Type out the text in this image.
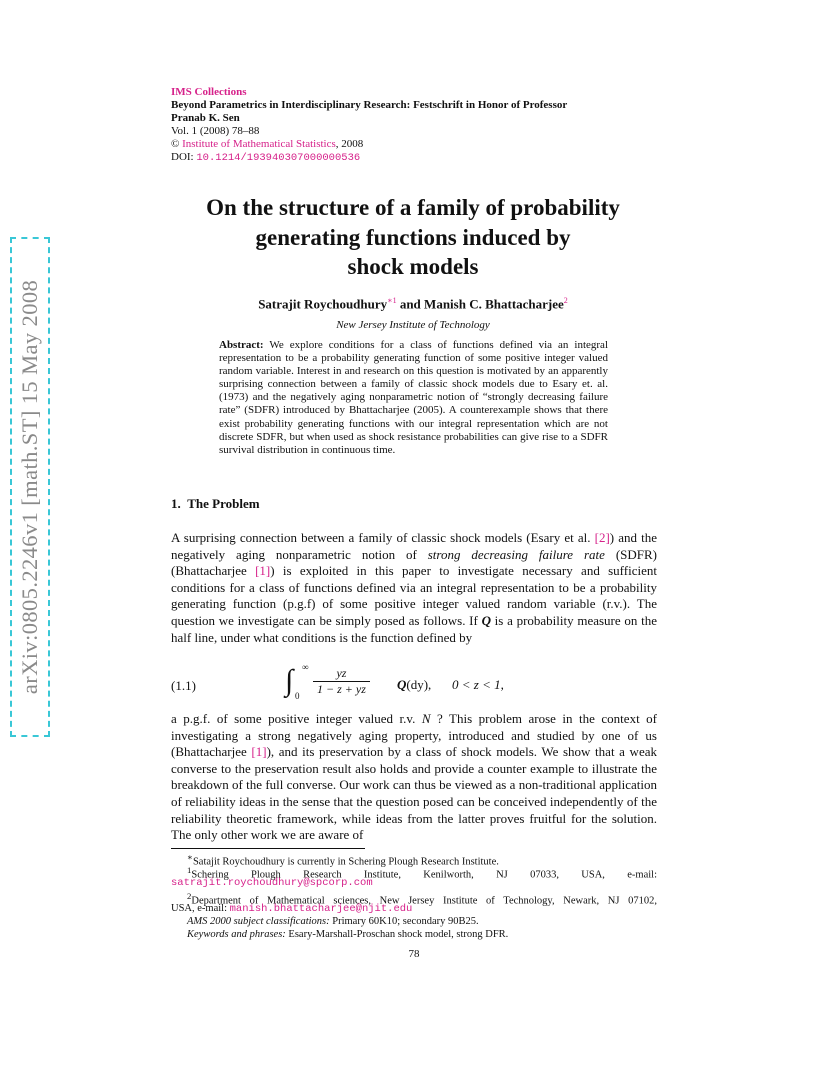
arXiv:0805.2246v1 [math.ST] 15 May 2008
IMS Collections
Beyond Parametrics in Interdisciplinary Research: Festschrift in Honor of Professor
Pranab K. Sen
Vol. 1 (2008) 78–88
© Institute of Mathematical Statistics, 2008
DOI: 10.1214/193940307000000536
On the structure of a family of probability
generating functions induced by
shock models
Satrajit Roychoudhury$^{∗1}$ and Manish C. Bhattacharjee$^2$
New Jersey Institute of Technology
Abstract: We explore conditions for a class of functions defined via an integral representation to be a probability generating function of some positive integer valued random variable. Interest in and research on this question is motivated by an apparently surprising connection between a family of classic shock models due to Esary et. al. (1973) and the negatively aging nonparametric notion of “strongly decreasing failure rate” (SDFR) introduced by Bhattacharjee (2005). A counterexample shows that there exist probability generating functions with our integral representation which are not discrete SDFR, but when used as shock resistance probabilities can give rise to a SDFR survival distribution in continuous time.
1. The Problem
A surprising connection between a family of classic shock models (Esary et al. [2]) and the negatively aging nonparametric notion of strong decreasing failure rate (SDFR) (Bhattacharjee [1]) is exploited in this paper to investigate necessary and sufficient conditions for a class of functions defined via an integral representation to be a probability generating function (p.g.f) of some positive integer valued random variable (r.v.). The question we investigate can be simply posed as follows. If Q is a probability measure on the half line, under what conditions is the function defined by
(1.1)	∫ ∞
$0 \frac{yz}{1 - z + yz} Q(dy)$, 0 < z < 1,
a p.g.f. of some positive integer valued r.v. N ? This problem arose in the context of investigating a strong negatively aging property, introduced and studied by one of us (Bhattacharjee [1]), and its preservation by a class of shock models. We show that a weak converse to the preservation result also holds and provide a counter example to illustrate the breakdown of the full converse. Our work can thus be viewed as a non-traditional application of reliability ideas in the sense that the question posed can be conceived independently of the reliability theoretic framework, while ideas from the latter proves fruitful for the solution. The only other work we are aware of
∗Satajit Roychoudhury is currently in Schering Plough Research Institute.
$^1$Schering Plough Research Institute, Kenilworth, NJ 07033, USA, e-mail:
satrajit.roychoudhury@spcorp.com
$^2$Department of Mathematical sciences, New Jersey Institute of Technology, Newark, NJ 07102,
USA, e-mail: manish.bhattacharjee@njit.edu
AMS 2000 subject classifications: Primary 60K10; secondary 90B25.
Keywords and phrases: Esary-Marshall-Proschan shock model, strong DFR.
78
